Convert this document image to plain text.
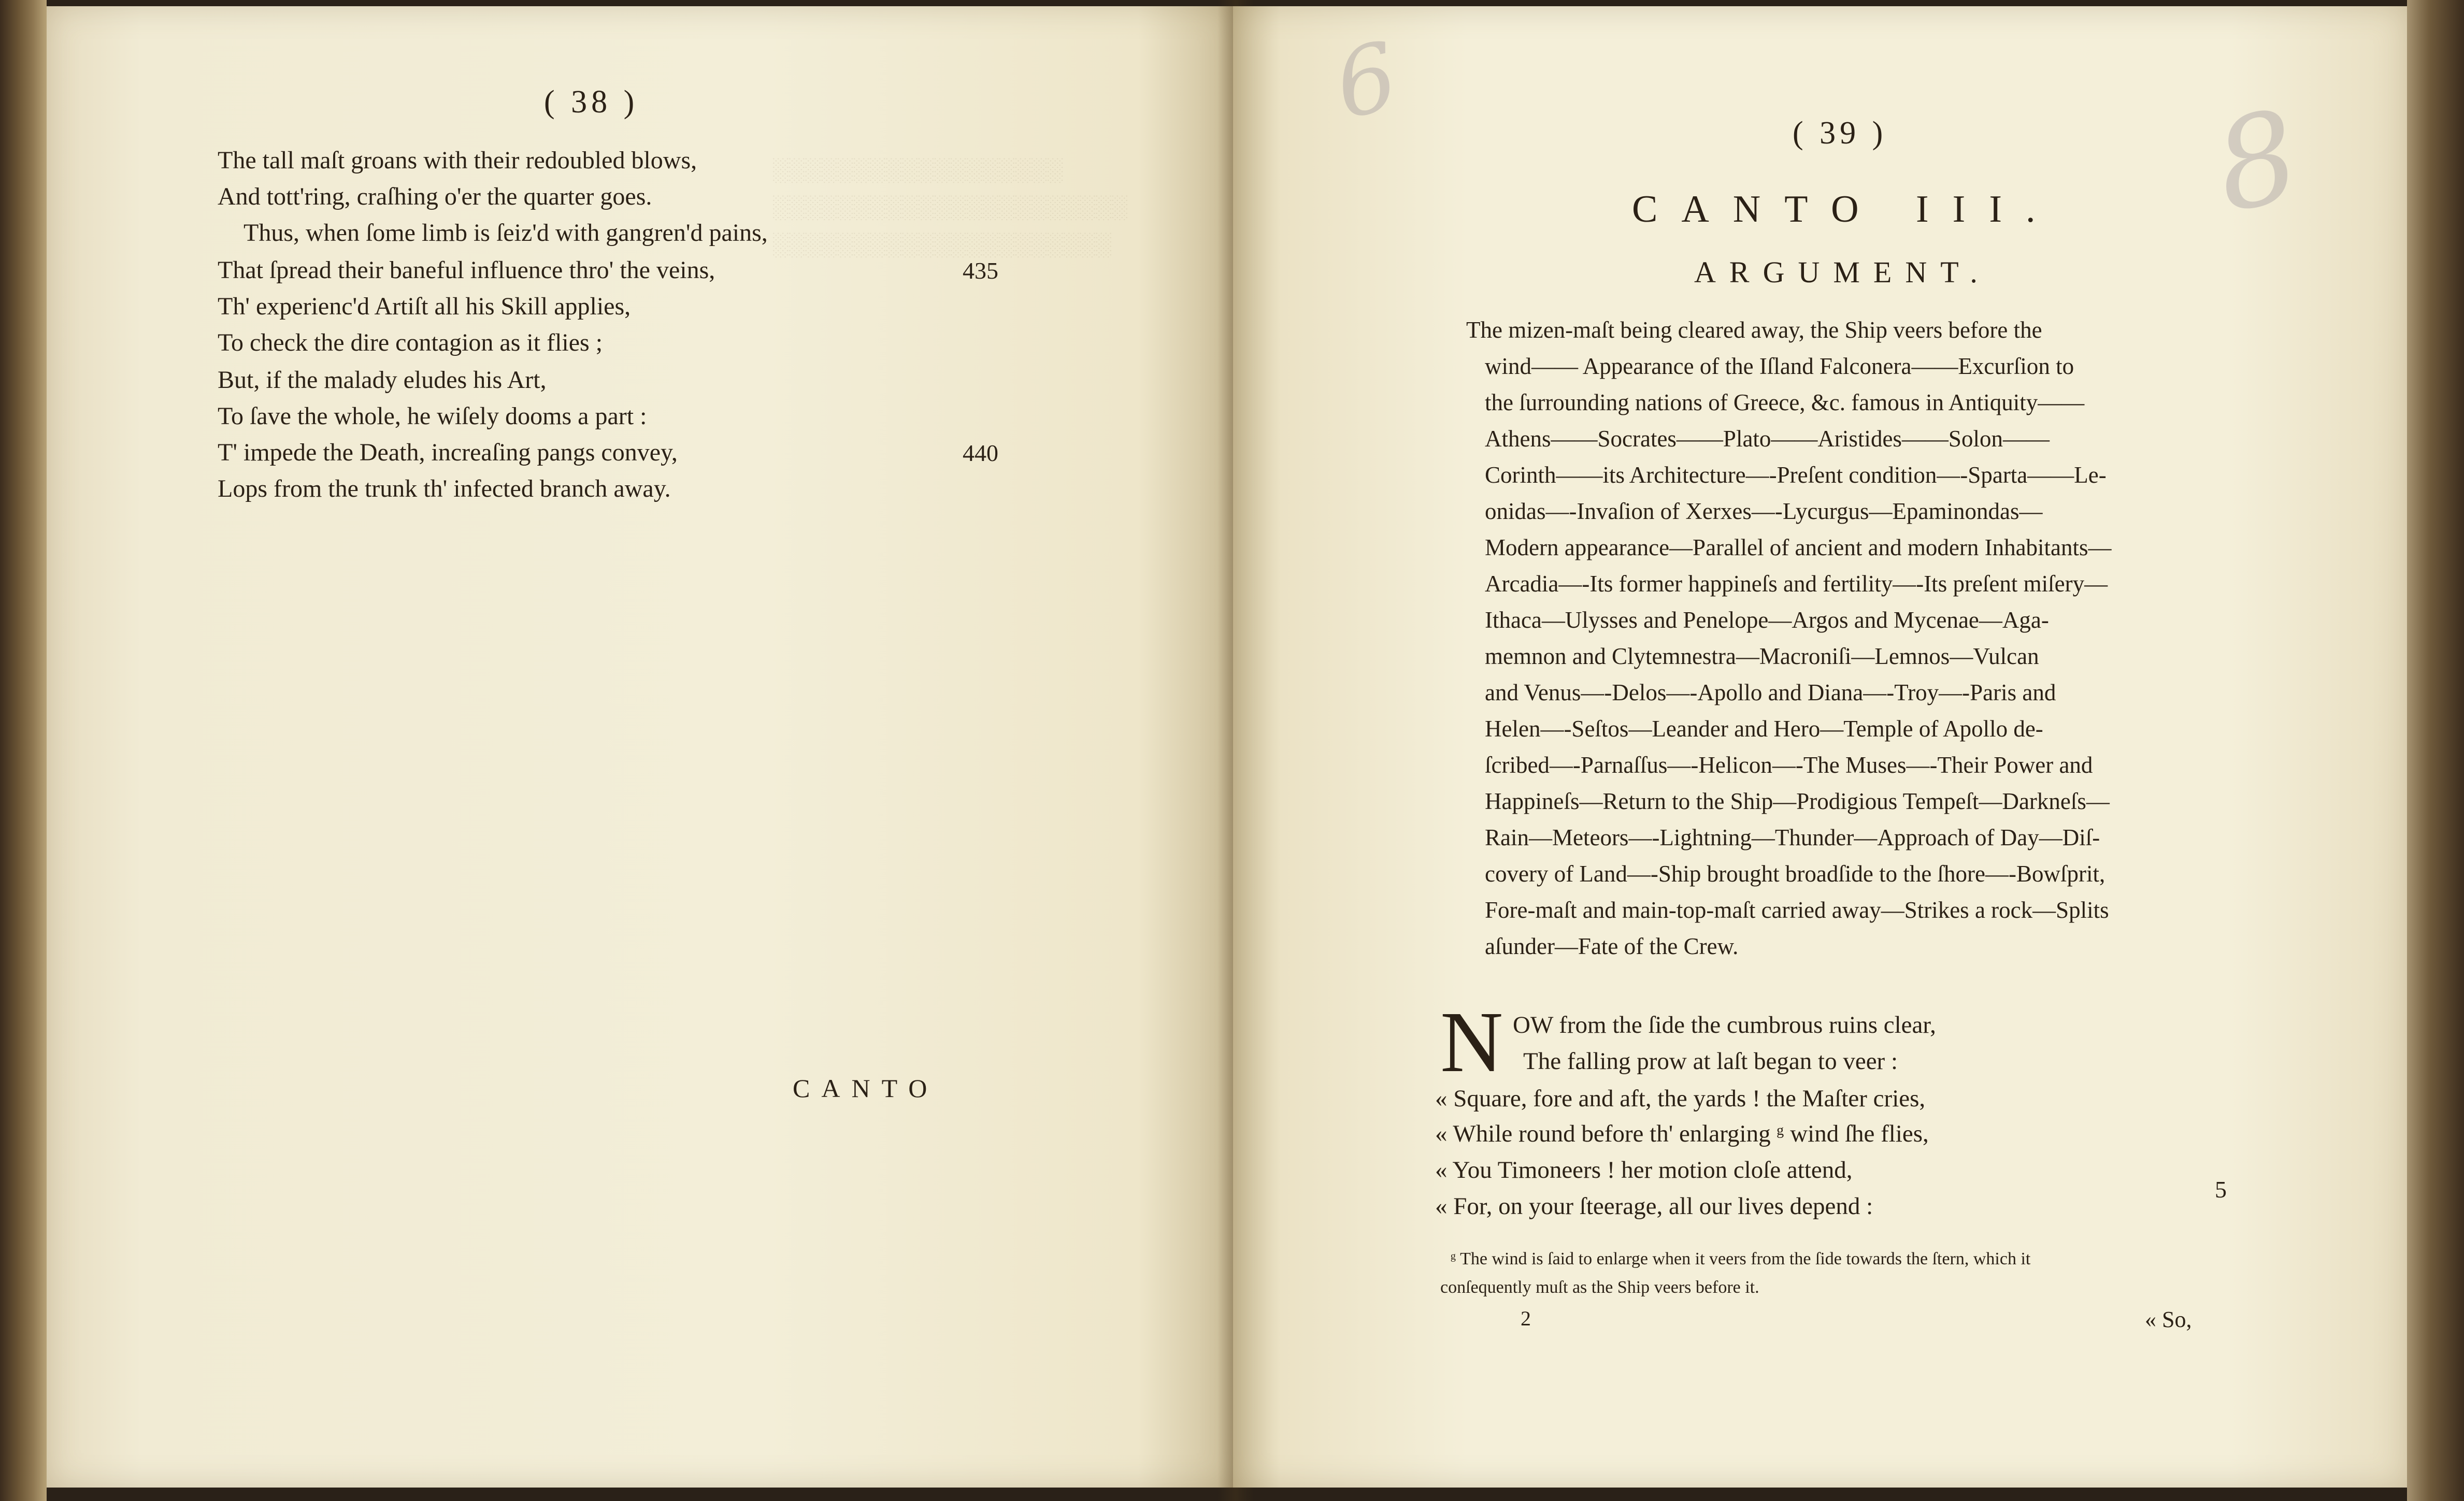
░░░░░░░░░░░░░░░░░░
░░░░░░░░░░░░░░░░░░░░░░
░░░░░░░░░░░░░░░░░░░░░
( 38 )
The tall maſt groans with their redoubled blows,
And tott'ring, craſhing o'er the quarter goes.
Thus, when ſome limb is ſeiz'd with gangren'd pains,
That ſpread their baneful influence thro' the veins,	435
Th' experienc'd Artiſt all his Skill applies,
To check the dire contagion as it flies ;
But, if the malady eludes his Art,
To ſave the whole, he wiſely dooms a part :
T' impede the Death, increaſing pangs convey,	440
Lops from the trunk th' infected branch away.
CANTO
6
8
( 39 )
CANTO III.
ARGUMENT.
The mizen-maſt being cleared away, the Ship veers before the
wind—— Appearance of the Iſland Falconera——Excurſion to
the ſurrounding nations of Greece, &c. famous in Antiquity——
Athens——Socrates——Plato——Aristides——Solon——
Corinth——its Architecture—-Preſent condition—-Sparta——Le-
onidas—-Invaſion of Xerxes—-Lycurgus—Epaminondas—
Modern appearance—Parallel of ancient and modern Inhabitants—
Arcadia—-Its former happineſs and fertility—-Its preſent miſery—
Ithaca—Ulysses and Penelope—Argos and Mycenae—Aga-
memnon and Clytemnestra—Macroniſi—Lemnos—Vulcan
and Venus—-Delos—-Apollo and Diana—-Troy—-Paris and
Helen—-Seſtos—Leander and Hero—Temple of Apollo de-
ſcribed—-Parnaſſus—-Helicon—-The Muses—-Their Power and
Happineſs—Return to the Ship—Prodigious Tempeſt—Darkneſs—
Rain—Meteors—-Lightning—Thunder—Approach of Day—Diſ-
covery of Land—-Ship brought broadſide to the ſhore—-Bowſprit,
Fore-maſt and main-top-maſt carried away—Strikes a rock—Splits
aſunder—Fate of the Crew.
N OW from the ſide the cumbrous ruins clear,
The falling prow at laſt began to veer :
« Square, fore and aft, the yards ! the Maſter cries,
« While round before th' enlarging ᵍ wind ſhe flies,
« You Timoneers ! her motion cloſe attend,
5
« For, on your ſteerage, all our lives depend :
ᵍ The wind is ſaid to enlarge when it veers from the ſide towards the ſtern, which it
conſequently muſt as the Ship veers before it.
2	« So,
